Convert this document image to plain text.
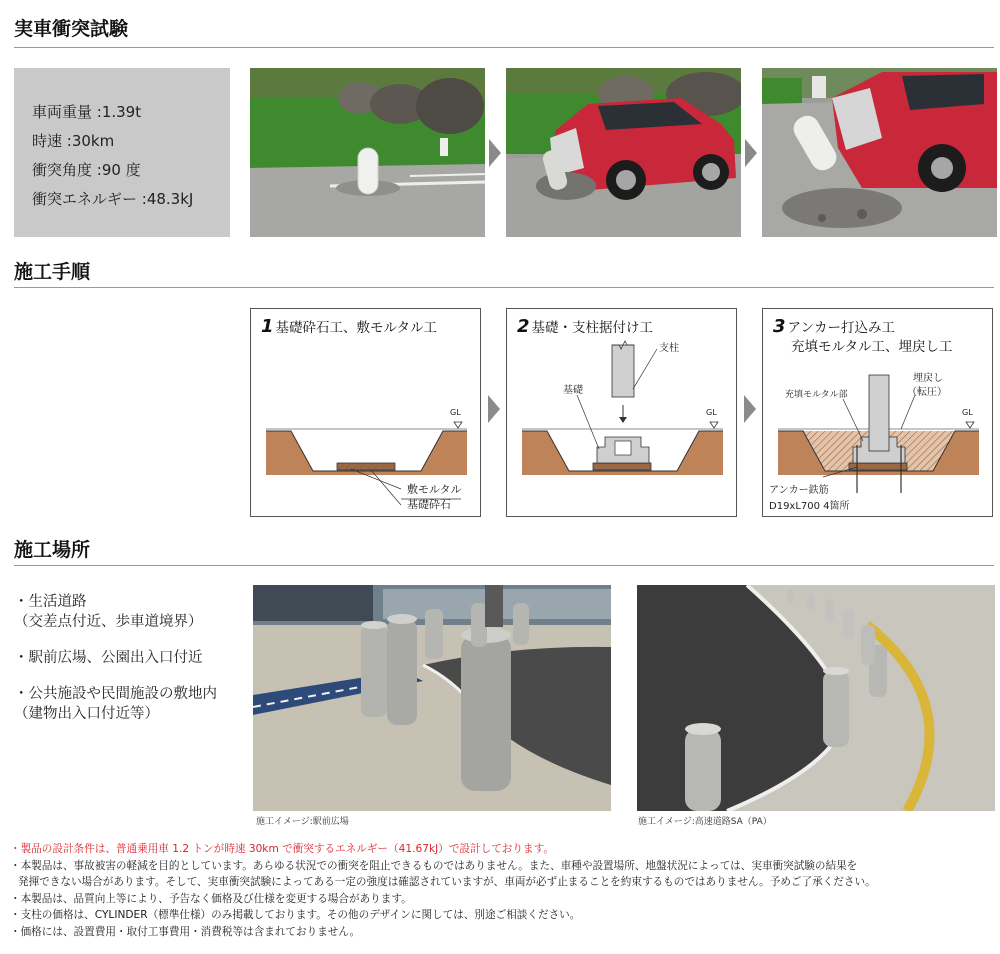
実車衝突試験
車両重量 :1.39t
時速 :30km
衝突角度 :90 度
衝突エネルギー :48.3kJ
施工手順
1 基礎砕石工、敷モルタル工
GL
敷モルタル
基礎砕石
2 基礎・支柱据付け工
GL
支柱
基礎
3 アンカー打込み工
充填モルタル工、埋戻し工
GL
充填モルタル部
埋戻し
（転圧）
アンカー鉄筋
D19xL700 4箇所
施工場所
・生活道路
（交差点付近、歩車道境界）
・駅前広場、公園出入口付近
・公共施設や民間施設の敷地内
（建物出入口付近等）
施工イメージ:駅前広場	施工イメージ:高速道路SA（PA）
・製品の設計条件は、普通乗用車 1.2 トンが時速 30km で衝突するエネルギー（41.67kJ）で設計しております。
・本製品は、事故被害の軽減を目的としています。あらゆる状況での衝突を阻止できるものではありません。また、車種や設置場所、地盤状況によっては、実車衝突試験の結果を
発揮できない場合があります。そして、実車衝突試験によってある一定の強度は確認されていますが、車両が必ず止まることを約束するものではありません。予めご了承ください。
・本製品は、品質向上等により、予告なく価格及び仕様を変更する場合があります。
・支柱の価格は、CYLINDER（標準仕様）のみ掲載しております。その他のデザインに関しては、別途ご相談ください。
・価格には、設置費用・取付工事費用・消費税等は含まれておりません。
